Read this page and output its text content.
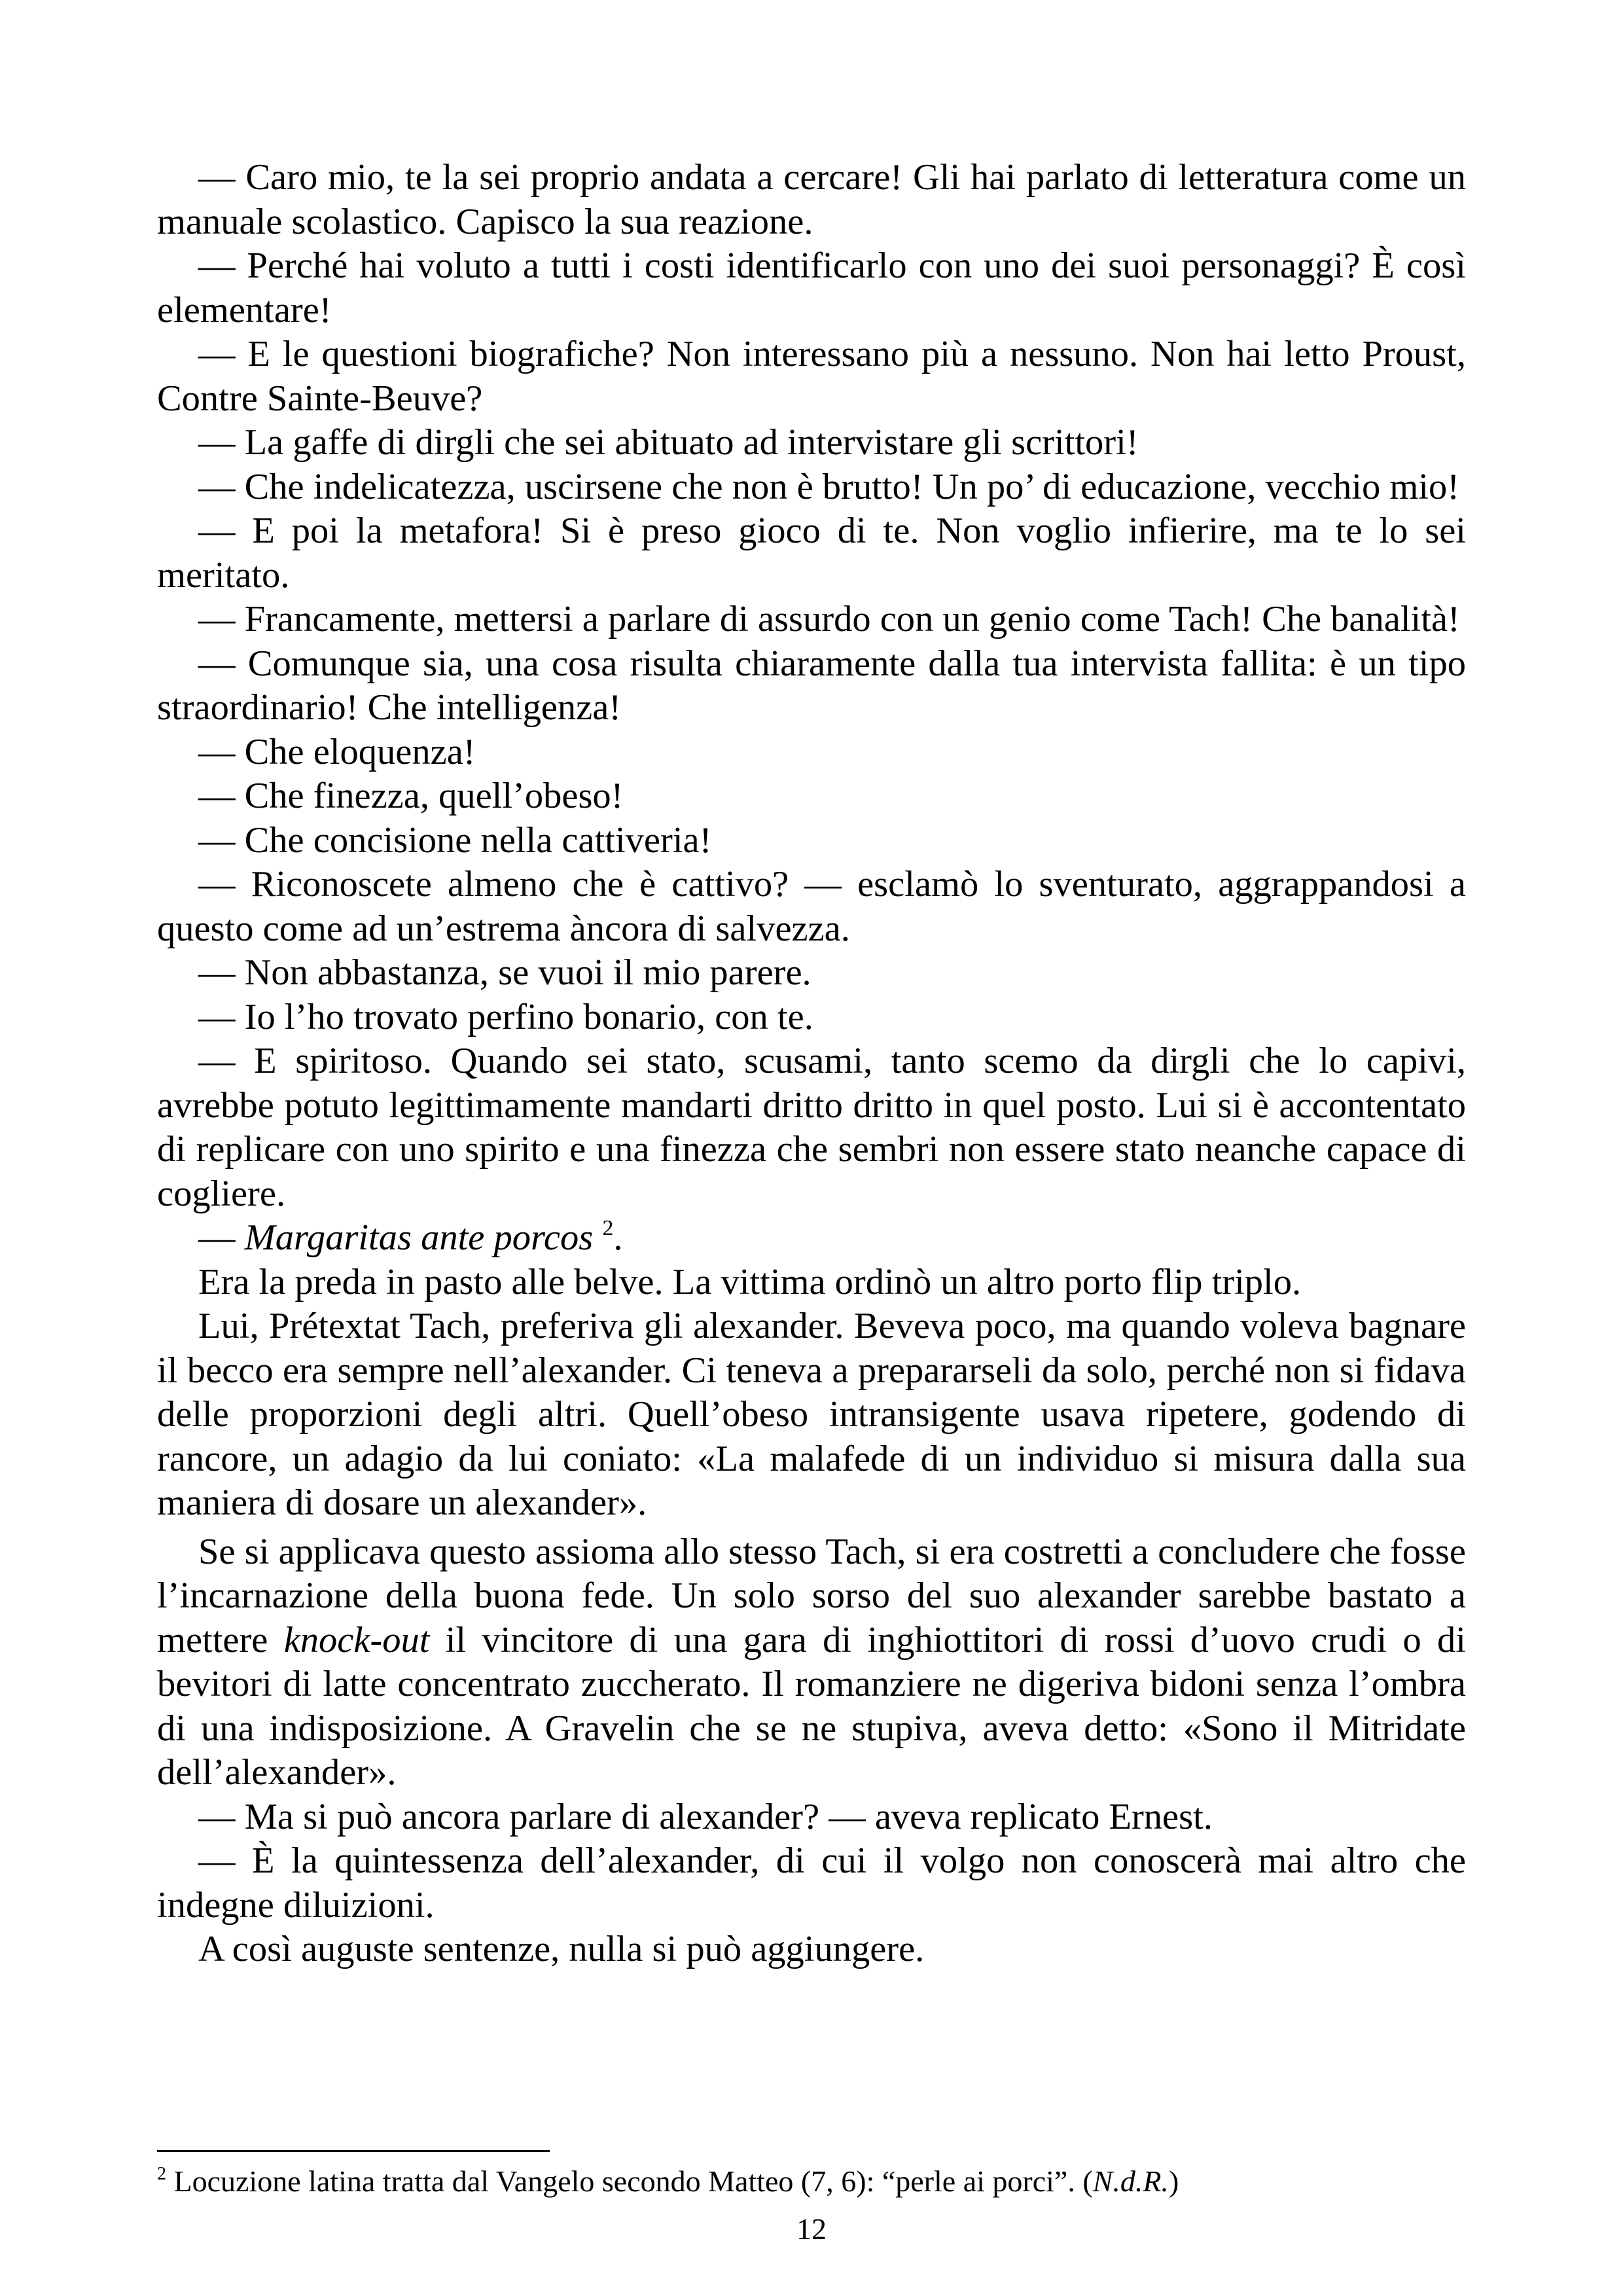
— Caro mio, te la sei proprio andata a cercare! Gli hai parlato di letteratura come un manuale scolastico. Capisco la sua reazione.

— Perché hai voluto a tutti i costi identificarlo con uno dei suoi personaggi? È così elementare!

— E le questioni biografiche? Non interessano più a nessuno. Non hai letto Proust, Contre Sainte-Beuve?

— La gaffe di dirgli che sei abituato ad intervistare gli scrittori!

— Che indelicatezza, uscirsene che non è brutto! Un po’ di educazione, vecchio mio!

— E poi la metafora! Si è preso gioco di te. Non voglio infierire, ma te lo sei meritato.

— Francamente, mettersi a parlare di assurdo con un genio come Tach! Che banalità!

— Comunque sia, una cosa risulta chiaramente dalla tua intervista fallita: è un tipo straordinario! Che intelligenza!

— Che eloquenza!

— Che finezza, quell’obeso!

— Che concisione nella cattiveria!

— Riconoscete almeno che è cattivo? — esclamò lo sventurato, aggrappandosi a questo come ad un’estrema àncora di salvezza.

— Non abbastanza, se vuoi il mio parere.

— Io l’ho trovato perfino bonario, con te.

— E spiritoso. Quando sei stato, scusami, tanto scemo da dirgli che lo capivi, avrebbe potuto legittimamente mandarti dritto dritto in quel posto. Lui si è accontentato di replicare con uno spirito e una finezza che sembri non essere stato neanche capace di cogliere.

— Margaritas ante porcos $^2$.

Era la preda in pasto alle belve. La vittima ordinò un altro porto flip triplo.

Lui, Prétextat Tach, preferiva gli alexander. Beveva poco, ma quando voleva bagnare il becco era sempre nell’alexander. Ci teneva a prepararseli da solo, perché non si fidava delle proporzioni degli altri. Quell’obeso intransigente usava ripetere, godendo di rancore, un adagio da lui coniato: «La malafede di un individuo si misura dalla sua maniera di dosare un alexander».

Se si applicava questo assioma allo stesso Tach, si era costretti a concludere che fosse l’incarnazione della buona fede. Un solo sorso del suo alexander sarebbe bastato a mettere knock-out il vincitore di una gara di inghiottitori di rossi d’uovo crudi o di bevitori di latte concentrato zuccherato. Il romanziere ne digeriva bidoni senza l’ombra di una indisposizione. A Gravelin che se ne stupiva, aveva detto: «Sono il Mitridate dell’alexander».

— Ma si può ancora parlare di alexander? — aveva replicato Ernest.

— È la quintessenza dell’alexander, di cui il volgo non conoscerà mai altro che indegne diluizioni.

A così auguste sentenze, nulla si può aggiungere.

$^2$ Locuzione latina tratta dal Vangelo secondo Matteo (7, 6): “perle ai porci”. (N.d.R.)
12
